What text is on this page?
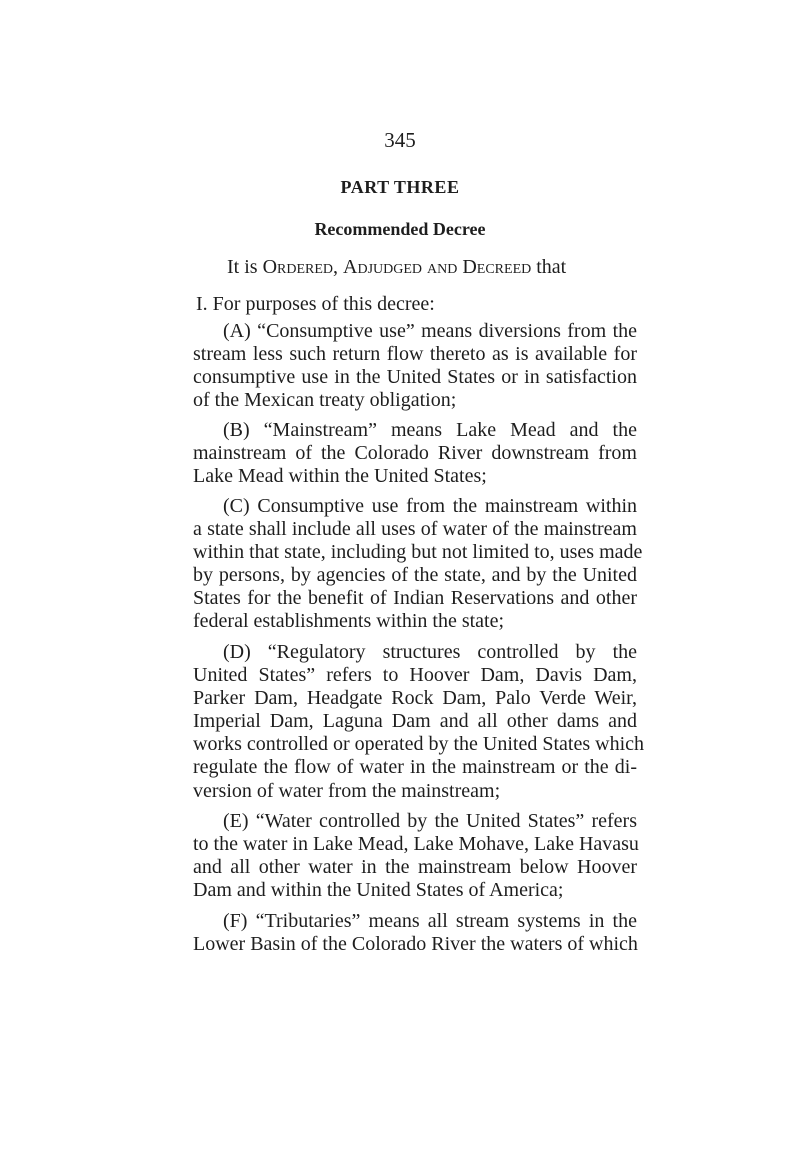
345
PART THREE
Recommended Decree
It is Ordered, Adjudged and Decreed that
I. For purposes of this decree:
(A) “Consumptive use” means diversions from the
stream less such return flow thereto as is available for
consumptive use in the United States or in satisfaction
of the Mexican treaty obligation;
(B) “Mainstream” means Lake Mead and the
mainstream of the Colorado River downstream from
Lake Mead within the United States;
(C) Consumptive use from the mainstream within
a state shall include all uses of water of the mainstream
within that state, including but not limited to, uses made
by persons, by agencies of the state, and by the United
States for the benefit of Indian Reservations and other
federal establishments within the state;
(D) “Regulatory structures controlled by the
United States” refers to Hoover Dam, Davis Dam,
Parker Dam, Headgate Rock Dam, Palo Verde Weir,
Imperial Dam, Laguna Dam and all other dams and
works controlled or operated by the United States which
regulate the flow of water in the mainstream or the di-
version of water from the mainstream;
(E) “Water controlled by the United States” refers
to the water in Lake Mead, Lake Mohave, Lake Havasu
and all other water in the mainstream below Hoover
Dam and within the United States of America;
(F) “Tributaries” means all stream systems in the
Lower Basin of the Colorado River the waters of which
